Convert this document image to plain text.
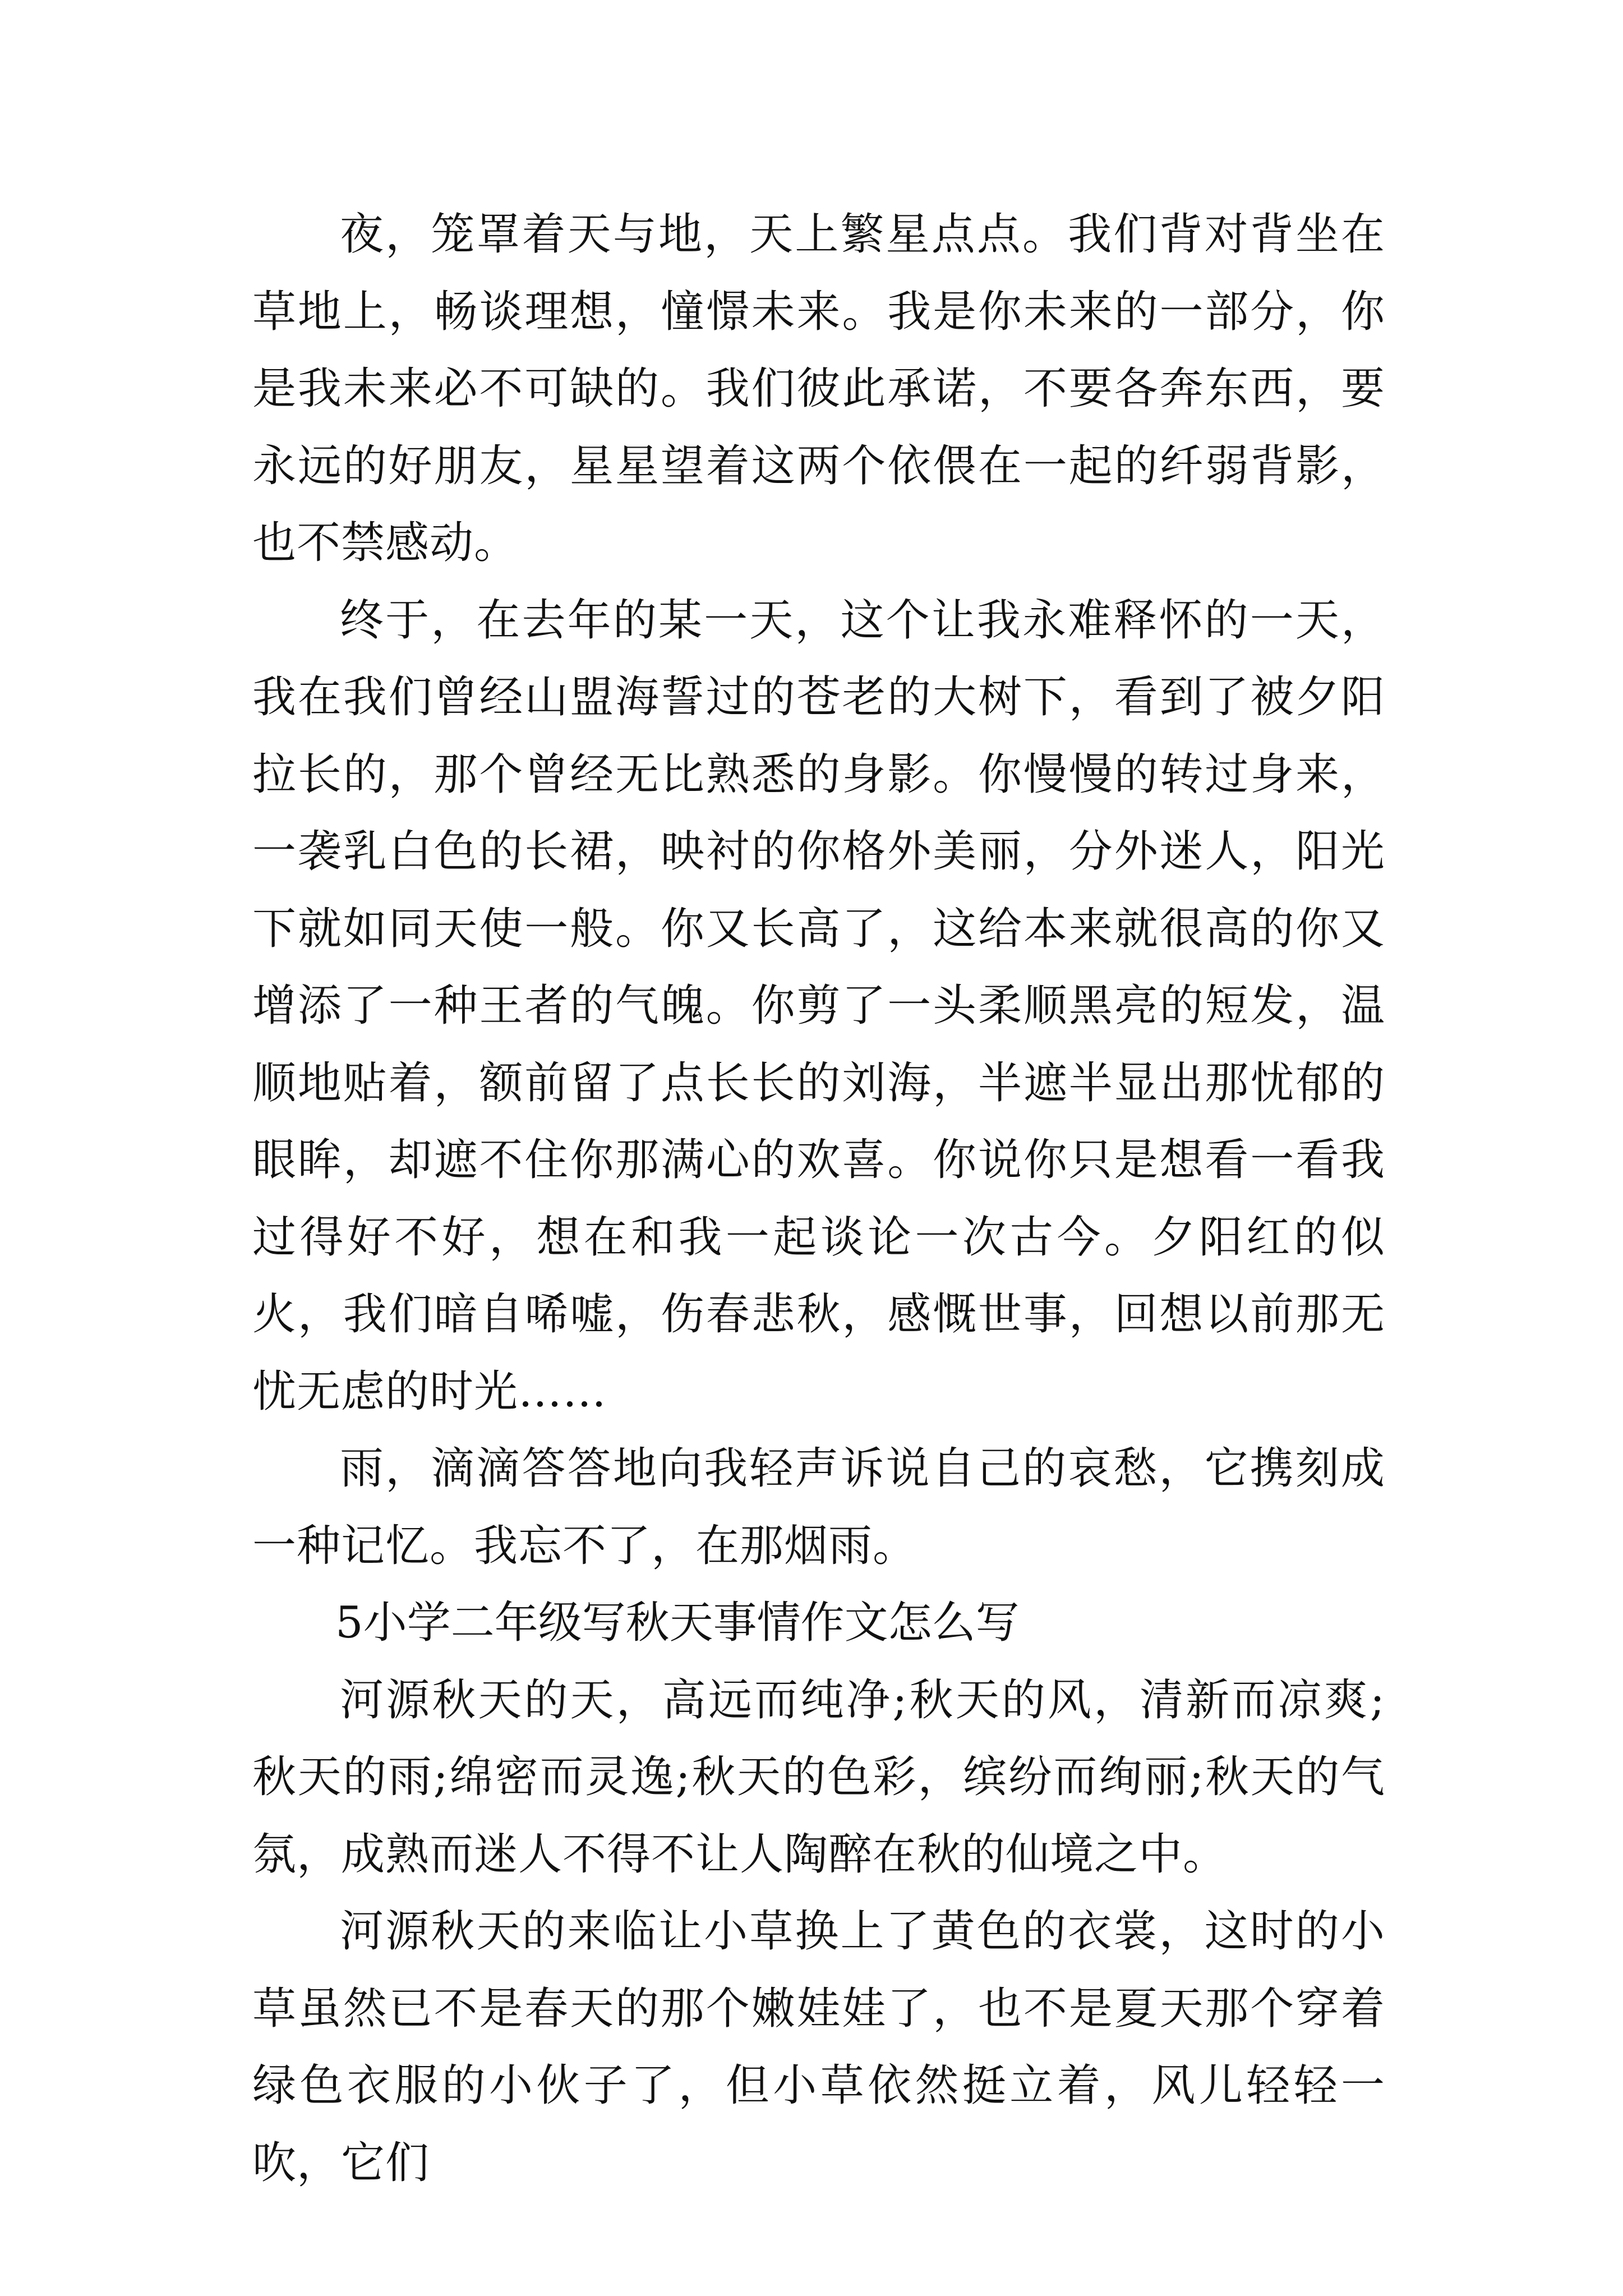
夜，笼罩着天与地，天上繁星点点。我们背对背坐在草地上，畅谈理想，憧憬未来。我是你未来的一部分，你是我未来必不可缺的。我们彼此承诺，不要各奔东西，要永远的好朋友，星星望着这两个依偎在一起的纤弱背影，也不禁感动。

终于，在去年的某一天，这个让我永难释怀的一天，我在我们曾经山盟海誓过的苍老的大树下，看到了被夕阳拉长的，那个曾经无比熟悉的身影。你慢慢的转过身来，一袭乳白色的长裙，映衬的你格外美丽，分外迷人，阳光下就如同天使一般。你又长高了，这给本来就很高的你又增添了一种王者的气魄。你剪了一头柔顺黑亮的短发，温顺地贴着，额前留了点长长的刘海，半遮半显出那忧郁的眼眸，却遮不住你那满心的欢喜。你说你只是想看一看我过得好不好，想在和我一起谈论一次古今。夕阳红的似火，我们暗自唏嘘，伤春悲秋，感慨世事，回想以前那无忧无虑的时光……

雨，滴滴答答地向我轻声诉说自己的哀愁，它携刻成一种记忆。我忘不了，在那烟雨。

5小学二年级写秋天事情作文怎么写

河源秋天的天，高远而纯净;秋天的风，清新而凉爽;秋天的雨;绵密而灵逸;秋天的色彩，缤纷而绚丽;秋天的气氛，成熟而迷人不得不让人陶醉在秋的仙境之中。

河源秋天的来临让小草换上了黄色的衣裳，这时的小草虽然已不是春天的那个嫩娃娃了，也不是夏天那个穿着绿色衣服的小伙子了，但小草依然挺立着，风儿轻轻一吹，它们
